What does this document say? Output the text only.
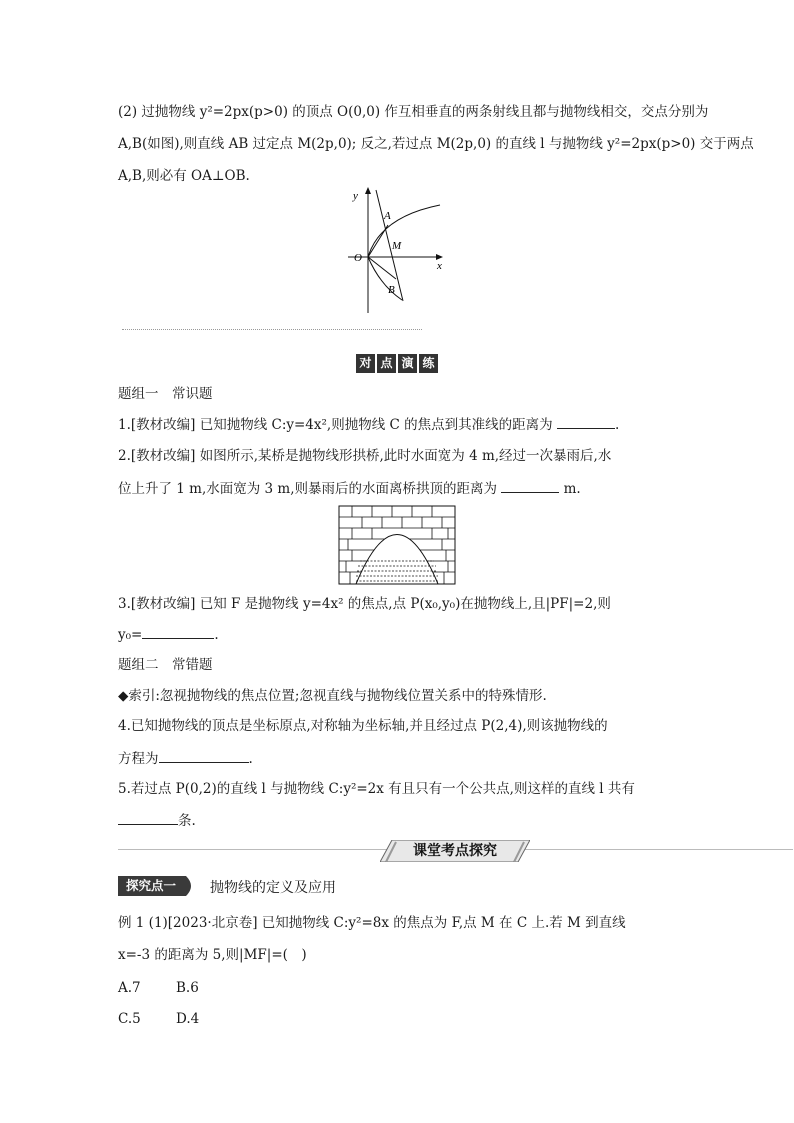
(2) 过抛物线 y²=2px(p>0) 的顶点 O(0,0) 作互相垂直的两条射线且都与抛物线相交，交点分别为
A,B(如图),则直线 AB 过定点 M(2p,0); 反之,若过点 M(2p,0) 的直线 l 与抛物线 y²=2px(p>0) 交于两点
A,B,则必有 OA⊥OB.
y
x
O
A
M
B
对 点 演 练
题组一　常识题
1.[教材改编] 已知抛物线 C:y=4x²,则抛物线 C 的焦点到其准线的距离为	.
2.[教材改编] 如图所示,某桥是抛物线形拱桥,此时水面宽为 4 m,经过一次暴雨后,水
位上升了 1 m,水面宽为 3 m,则暴雨后的水面离桥拱顶的距离为	m.
3.[教材改编] 已知 F 是抛物线 y=4x² 的焦点,点 P(x₀,y₀)在抛物线上,且|PF|=2,则
y₀=	.
题组二　常错题
◆索引:忽视抛物线的焦点位置;忽视直线与抛物线位置关系中的特殊情形.
4.已知抛物线的顶点是坐标原点,对称轴为坐标轴,并且经过点 P(2,4),则该抛物线的
方程为	.
5.若过点 P(0,2)的直线 l 与抛物线 C:y²=2x 有且只有一个公共点,则这样的直线 l 共有
条.
课堂考点探究
探究点一 抛物线的定义及应用
例 1 (1)[2023·北京卷] 已知抛物线 C:y²=8x 的焦点为 F,点 M 在 C 上.若 M 到直线
x=-3 的距离为 5,则|MF|=(　)
A.7	B.6
C.5	D.4
